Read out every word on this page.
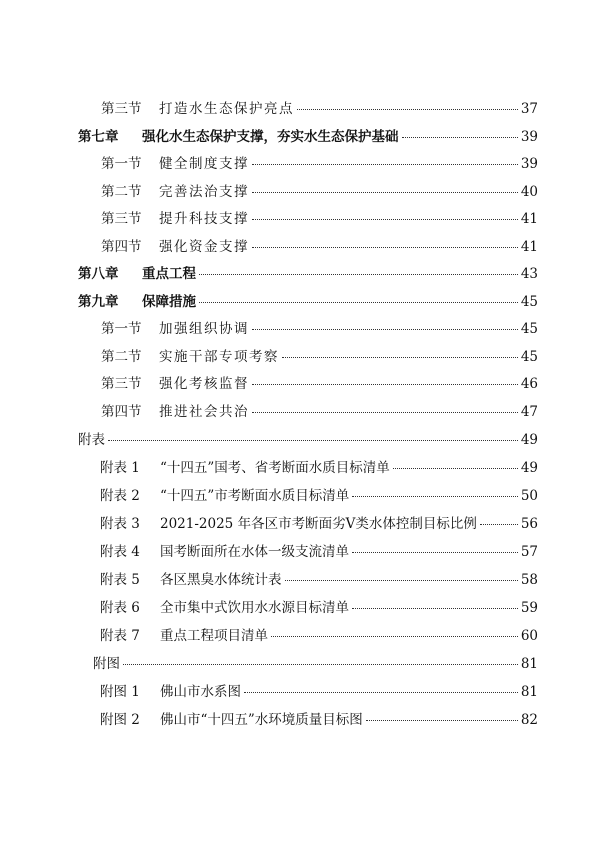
第三节 打造水生态保护亮点	37
第七章 强化水生态保护支撑，夯实水生态保护基础	39
第一节 健全制度支撑	39
第二节 完善法治支撑	40
第三节 提升科技支撑	41
第四节 强化资金支撑	41
第八章 重点工程	43
第九章 保障措施	45
第一节 加强组织协调	45
第二节 实施干部专项考察	45
第三节 强化考核监督	46
第四节 推进社会共治	47
附表	49
附表 1 “十四五”国考、省考断面水质目标清单	49
附表 2 “十四五”市考断面水质目标清单	50
附表 3 2021-2025 年各区市考断面劣Ⅴ类水体控制目标比例	56
附表 4 国考断面所在水体一级支流清单	57
附表 5 各区黑臭水体统计表	58
附表 6 全市集中式饮用水水源目标清单	59
附表 7 重点工程项目清单	60
附图	81
附图 1 佛山市水系图	81
附图 2 佛山市“十四五”水环境质量目标图	82
